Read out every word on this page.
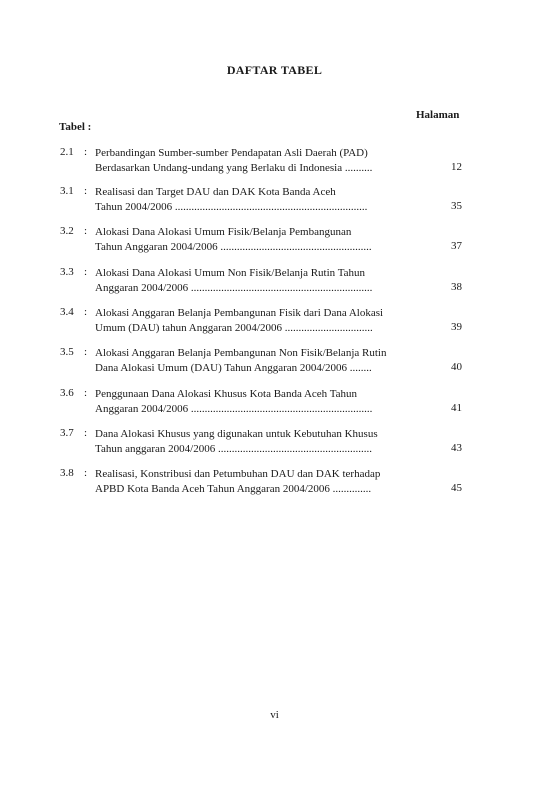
DAFTAR TABEL
Halaman
Tabel :
2.1 : Perbandingan Sumber-sumber Pendapatan Asli Daerah (PAD)
Berdasarkan Undang-undang yang Berlaku di Indonesia ..........	12
3.1 : Realisasi dan Target DAU dan DAK Kota Banda Aceh
Tahun 2004/2006 ......................................................................	35
3.2 : Alokasi Dana Alokasi Umum Fisik/Belanja Pembangunan
Tahun Anggaran 2004/2006 .......................................................	37
3.3 : Alokasi Dana Alokasi Umum Non Fisik/Belanja Rutin Tahun
Anggaran 2004/2006 ..................................................................	38
3.4 : Alokasi Anggaran Belanja Pembangunan Fisik dari Dana Alokasi
Umum (DAU) tahun Anggaran 2004/2006 ................................	39
3.5 : Alokasi Anggaran Belanja Pembangunan Non Fisik/Belanja Rutin
Dana Alokasi Umum (DAU) Tahun Anggaran 2004/2006 ........	40
3.6 : Penggunaan Dana Alokasi Khusus Kota Banda Aceh Tahun
Anggaran 2004/2006 ..................................................................	41
3.7 : Dana Alokasi Khusus yang digunakan untuk Kebutuhan Khusus
Tahun anggaran 2004/2006 ........................................................	43
3.8 : Realisasi, Konstribusi dan Petumbuhan DAU dan DAK terhadap
APBD Kota Banda Aceh Tahun Anggaran 2004/2006 ..............	45
vi
